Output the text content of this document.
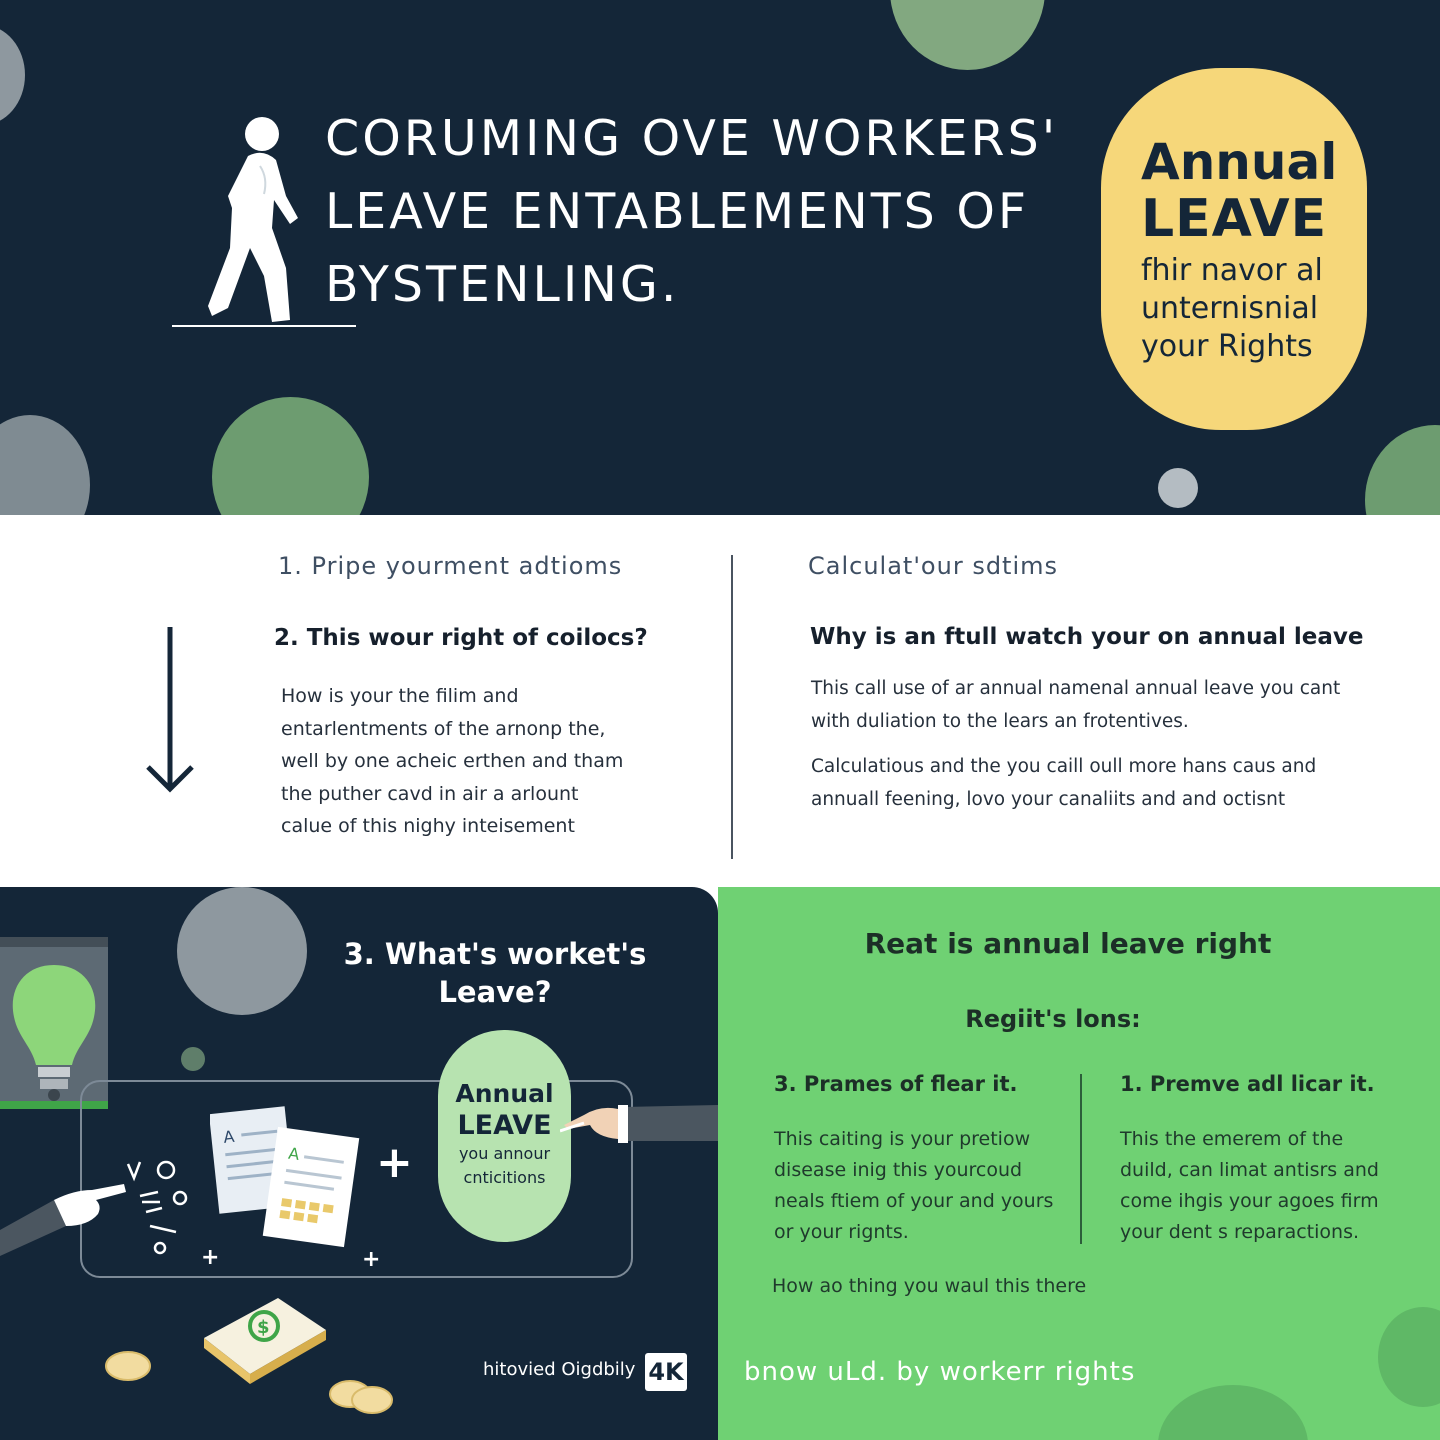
CORUMING OVE WORKERS'
LEAVE ENTABLEMENTS OF
BYSTENLING.
Annual
LEAVE
fhir navor al
unternisnial
your Rights
1. Pripe yourment adtioms
2. This wour right of coilocs?
How is your the filim and
entarlentments of the arnonp the,
well by one acheic erthen and tham
the puther cavd in air a arlount
calue of this nighy inteisement
Calculat'our sdtims
Why is an ftull watch your on annual leave
This call use of ar annual namenal annual leave you cant
with duliation to the lears an frotentives.
Calculatious and the you caill oull more hans caus and
annuall feening, lovo your canaliits and and octisnt
3. What's worket's
Leave?
A
A +
+	+
Annual
LEAVE
you annour
cnticitions
$
hitovied Oigdbily 4K
Reat is annual leave right
Regiit's lons:
3. Prames of flear it.
This caiting is your pretiow
disease inig this yourcoud
neals ftiem of your and yours
or your rignts.
1. Premve adl licar it.
This the emerem of the
duild, can limat antisrs and
come ihgis your agoes firm
your dent s reparactions.
How ao thing you waul this there
bnow uLd. by workerr rights
